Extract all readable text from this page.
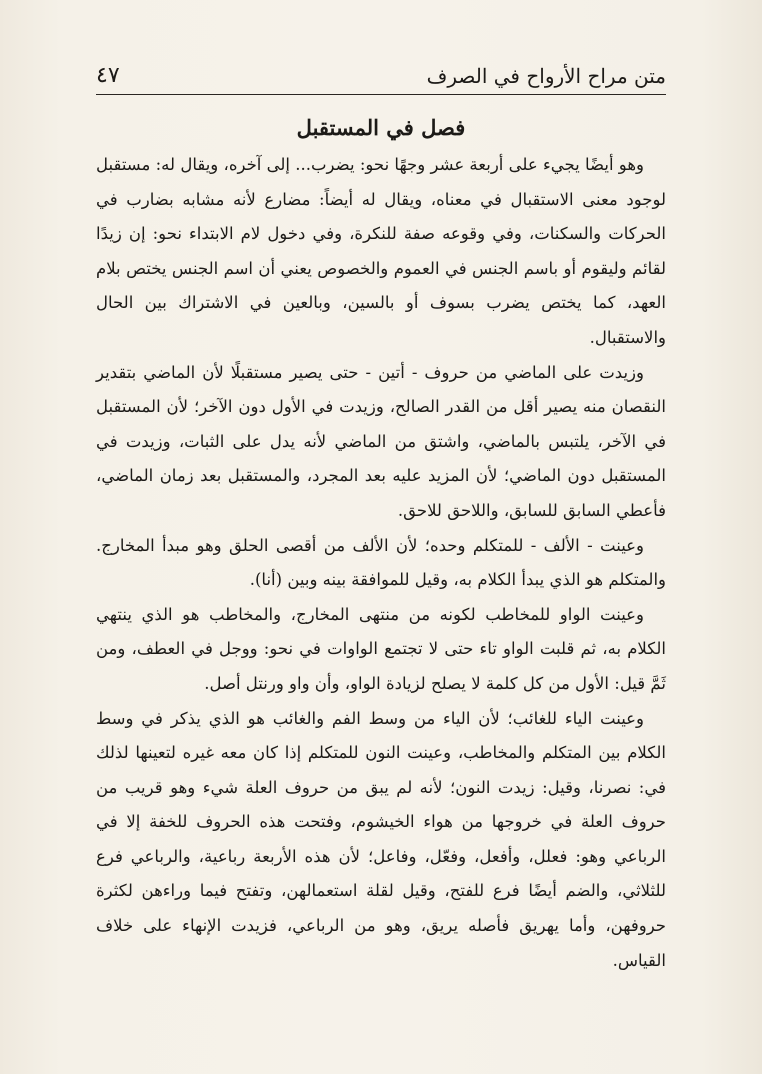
متن مراح الأرواح في الصرف
٤٧
فصل في المستقبل

وهو أيضًا يجيء على أربعة عشر وجهًا نحو: يضرب... إلى آخره، ويقال له: مستقبل لوجود معنى الاستقبال في معناه، ويقال له أيضاً: مضارع لأنه مشابه بضارب في الحركات والسكنات، وفي وقوعه صفة للنكرة، وفي دخول لام الابتداء نحو: إن زيدًا لقائم وليقوم أو باسم الجنس في العموم والخصوص يعني أن اسم الجنس يختص بلام العهد، كما يختص يضرب بسوف أو بالسين، وبالعين في الاشتراك بين الحال والاستقبال.

وزيدت على الماضي من حروف - أتين - حتى يصير مستقبلًا لأن الماضي بتقدير النقصان منه يصير أقل من القدر الصالح، وزيدت في الأول دون الآخر؛ لأن المستقبل في الآخر، يلتبس بالماضي، واشتق من الماضي لأنه يدل على الثبات، وزيدت في المستقبل دون الماضي؛ لأن المزيد عليه بعد المجرد، والمستقبل بعد زمان الماضي، فأعطي السابق للسابق، واللاحق للاحق.

وعينت - الألف - للمتكلم وحده؛ لأن الألف من أقصى الحلق وهو مبدأ المخارج. والمتكلم هو الذي يبدأ الكلام به، وقيل للموافقة بينه وبين (أنا).

وعينت الواو للمخاطب لكونه من منتهى المخارج، والمخاطب هو الذي ينتهي الكلام به، ثم قلبت الواو تاء حتى لا تجتمع الواوات في نحو: ووجل في العطف، ومن ثَمَّ قيل: الأول من كل كلمة لا يصلح لزيادة الواو، وأن واو ورنتل أصل.

وعينت الياء للغائب؛ لأن الياء من وسط الفم والغائب هو الذي يذكر في وسط الكلام بين المتكلم والمخاطب، وعينت النون للمتكلم إذا كان معه غيره لتعينها لذلك في: نصرنا، وقيل: زيدت النون؛ لأنه لم يبق من حروف العلة شيء وهو قريب من حروف العلة في خروجها من هواء الخيشوم، وفتحت هذه الحروف للخفة إلا في الرباعي وهو: فعلل، وأفعل، وفعّل، وفاعل؛ لأن هذه الأربعة رباعية، والرباعي فرع للثلاثي، والضم أيضًا فرع للفتح، وقيل لقلة استعمالهن، وتفتح فيما وراءهن لكثرة حروفهن، وأما يهريق فأصله يريق، وهو من الرباعي، فزيدت الإنهاء على خلاف القياس.
